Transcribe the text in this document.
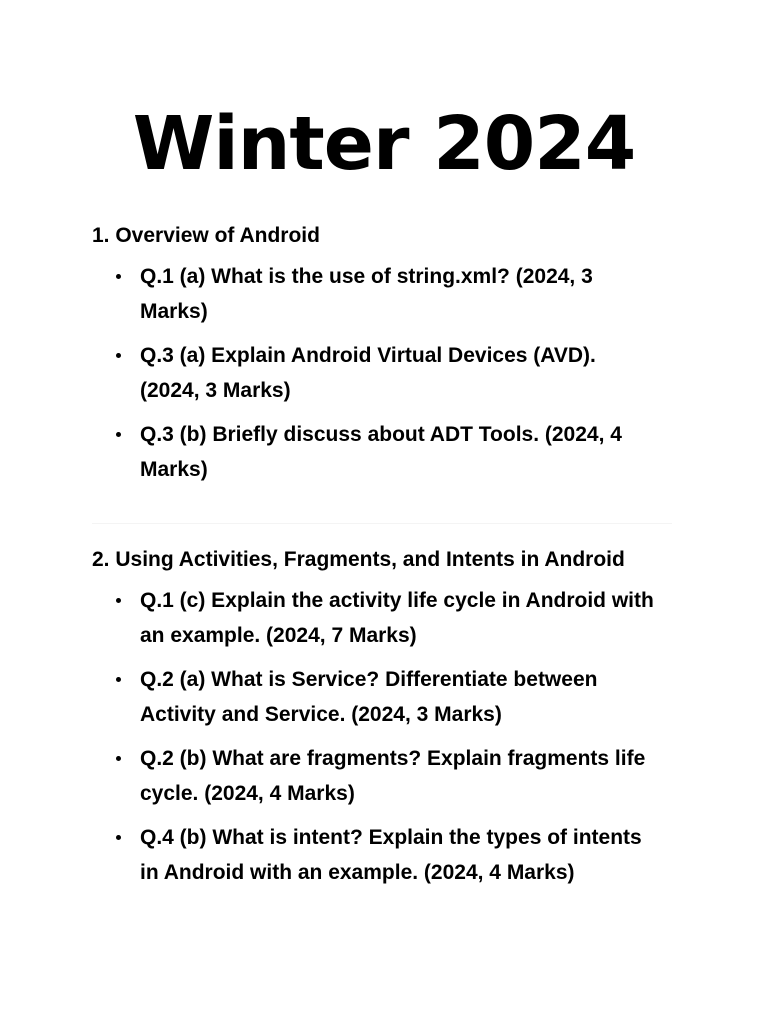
Winter 2024
1. Overview of Android
Q.1 (a) What is the use of string.xml? (2024, 3 Marks)
Q.3 (a) Explain Android Virtual Devices (AVD). (2024, 3 Marks)
Q.3 (b) Briefly discuss about ADT Tools. (2024, 4 Marks)
2. Using Activities, Fragments, and Intents in Android
Q.1 (c) Explain the activity life cycle in Android with an example. (2024, 7 Marks)
Q.2 (a) What is Service? Differentiate between Activity and Service. (2024, 3 Marks)
Q.2 (b) What are fragments? Explain fragments life cycle. (2024, 4 Marks)
Q.4 (b) What is intent? Explain the types of intents in Android with an example. (2024, 4 Marks)
